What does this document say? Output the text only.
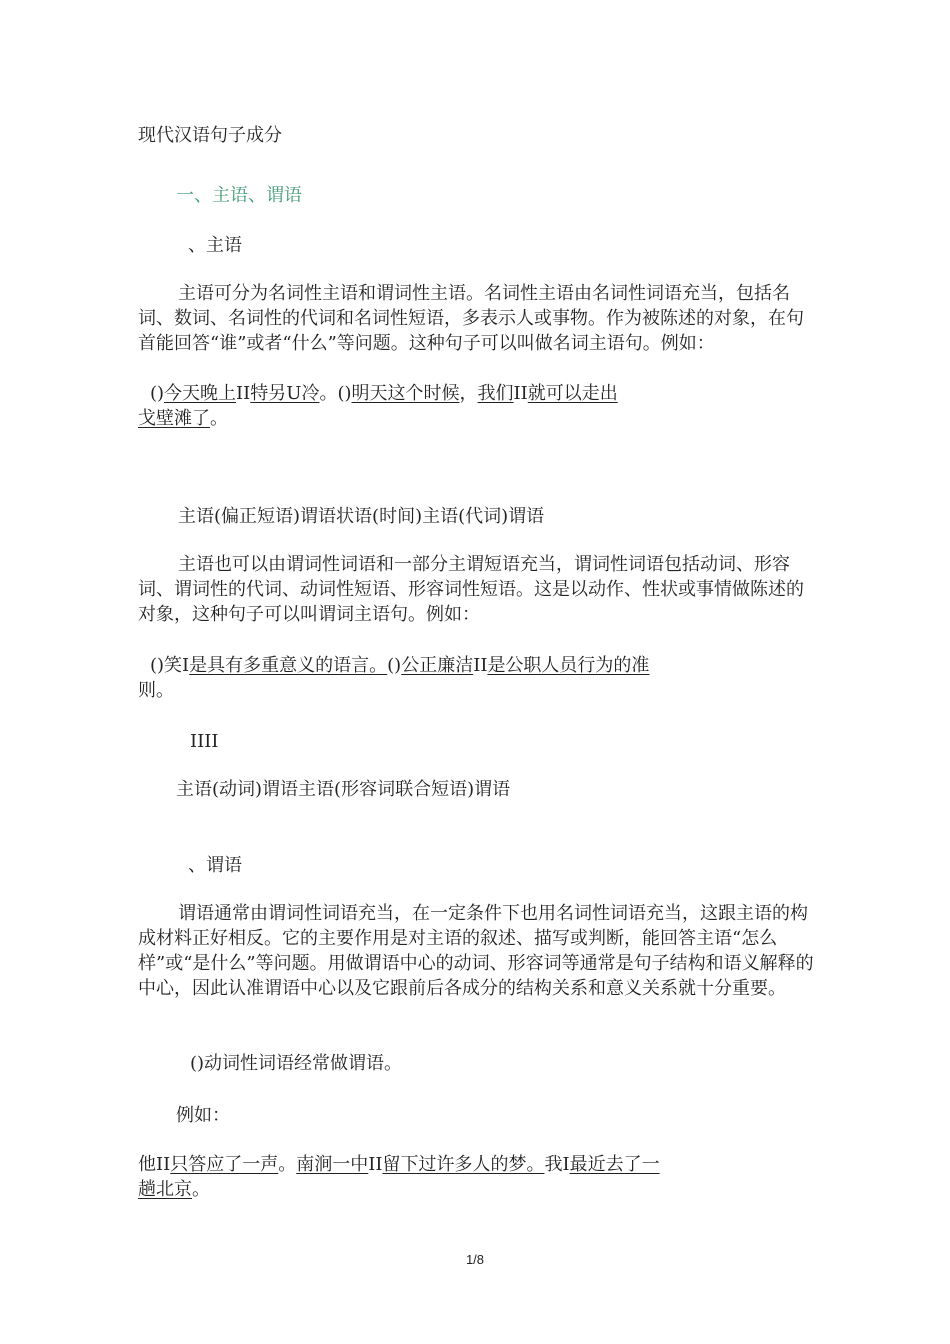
现代汉语句子成分

一、主语、谓语

、主语

主语可分为名词性主语和谓词性主语。名词性主语由名词性词语充当，包括名词、数词、名词性的代词和名词性短语，多表示人或事物。作为被陈述的对象，在句首能回答“谁”或者“什么”等问题。这种句子可以叫做名词主语句。例如：

()今天晚上II特另U冷。()明天这个时候，我们II就可以走出
戈壁滩了。

主语(偏正短语)谓语状语(时间)主语(代词)谓语

主语也可以由谓词性词语和一部分主谓短语充当，谓词性词语包括动词、形容词、谓词性的代词、动词性短语、形容词性短语。这是以动作、性状或事情做陈述的对象，这种句子可以叫谓词主语句。例如：

()笑I是具有多重意义的语言。()公正廉洁II是公职人员行为的准
则。

IIII

主语(动词)谓语主语(形容词联合短语)谓语

、谓语

谓语通常由谓词性词语充当，在一定条件下也用名词性词语充当，这跟主语的构成材料正好相反。它的主要作用是对主语的叙述、描写或判断，能回答主语“怎么样”或“是什么”等问题。用做谓语中心的动词、形容词等通常是句子结构和语义解释的中心，因此认准谓语中心以及它跟前后各成分的结构关系和意义关系就十分重要。

()动词性词语经常做谓语。

例如：

他II只答应了一声。南涧一中II留下过许多人的梦。我I最近去了一
趟北京。
1/8
